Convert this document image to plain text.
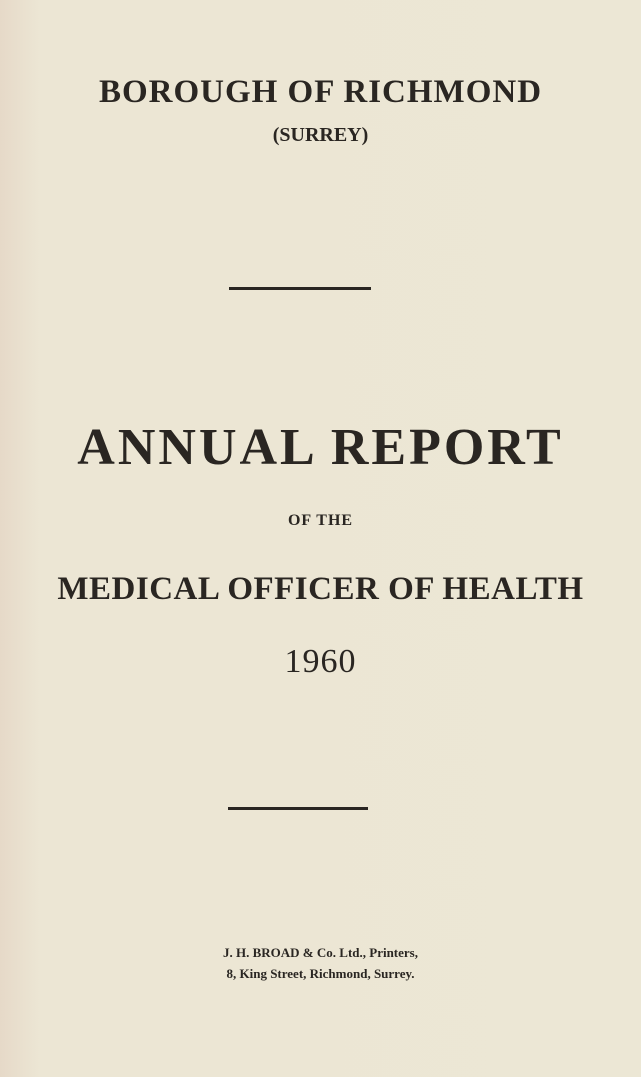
BOROUGH OF RICHMOND
(SURREY)
ANNUAL REPORT
OF THE
MEDICAL OFFICER OF HEALTH
1960
J. H. BROAD & Co. Ltd., Printers,
8, King Street, Richmond, Surrey.
